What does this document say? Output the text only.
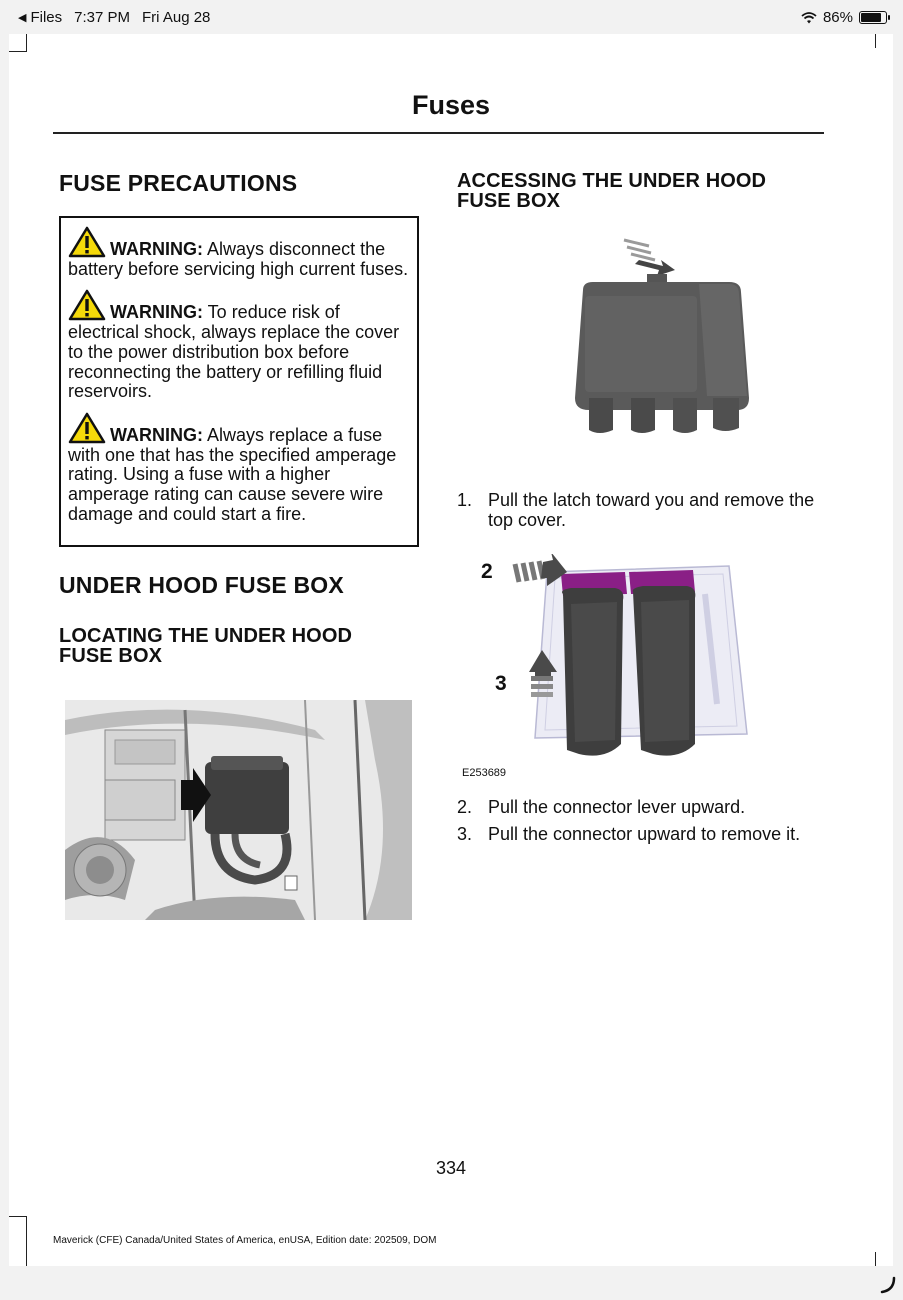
◀ Files 7:37 PM Fri Aug 28	86%
Fuses
FUSE PRECAUTIONS
WARNING: Always disconnect the battery before servicing high current fuses.
WARNING: To reduce risk of electrical shock, always replace the cover to the power distribution box before reconnecting the battery or refilling fluid reservoirs.
WARNING: Always replace a fuse with one that has the specified amperage rating. Using a fuse with a higher amperage rating can cause severe wire damage and could start a fire.
UNDER HOOD FUSE BOX
LOCATING THE UNDER HOOD FUSE BOX
ACCESSING THE UNDER HOOD FUSE BOX
1. Pull the latch toward you and remove the top cover.
2
3
E253689
2. Pull the connector lever upward.
3. Pull the connector upward to remove it.
334
Maverick (CFE) Canada/United States of America, enUSA, Edition date: 202509, DOM
